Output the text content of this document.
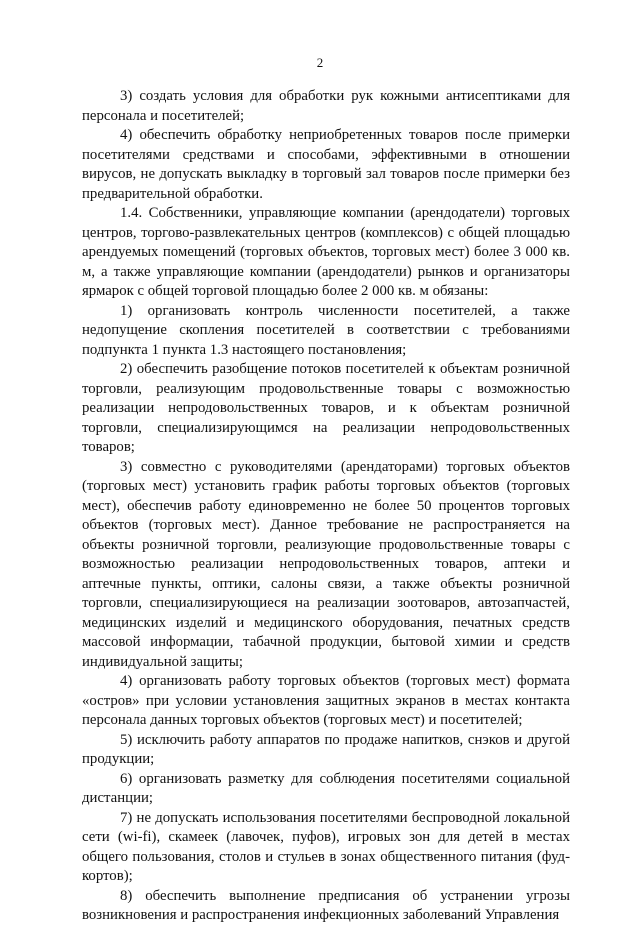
2

3) создать условия для обработки рук кожными антисептиками для персонала и посетителей;

4) обеспечить обработку неприобретенных товаров после примерки посетителями средствами и способами, эффективными в отношении вирусов, не допускать выкладку в торговый зал товаров после примерки без предварительной обработки.

1.4. Собственники, управляющие компании (арендодатели) торговых центров, торгово-развлекательных центров (комплексов) с общей площадью арендуемых помещений (торговых объектов, торговых мест) более 3 000 кв. м, а также управляющие компании (арендодатели) рынков и организаторы ярмарок с общей торговой площадью более 2 000 кв. м обязаны:

1) организовать контроль численности посетителей, а также недопущение скопления посетителей в соответствии с требованиями подпункта 1 пункта 1.3 настоящего постановления;

2) обеспечить разобщение потоков посетителей к объектам розничной торговли, реализующим продовольственные товары с возможностью реализации непродовольственных товаров, и к объектам розничной торговли, специализирующимся на реализации непродовольственных товаров;

3) совместно с руководителями (арендаторами) торговых объектов (торговых мест) установить график работы торговых объектов (торговых мест), обеспечив работу единовременно не более 50 процентов торговых объектов (торговых мест). Данное требование не распространяется на объекты розничной торговли, реализующие продовольственные товары с возможностью реализации непродовольственных товаров, аптеки и аптечные пункты, оптики, салоны связи, а также объекты розничной торговли, специализирующиеся на реализации зоотоваров, автозапчастей, медицинских изделий и медицинского оборудования, печатных средств массовой информации, табачной продукции, бытовой химии и средств индивидуальной защиты;

4) организовать работу торговых объектов (торговых мест) формата «остров» при условии установления защитных экранов в местах контакта персонала данных торговых объектов (торговых мест) и посетителей;

5) исключить работу аппаратов по продаже напитков, снэков и другой продукции;

6) организовать разметку для соблюдения посетителями социальной дистанции;

7) не допускать использования посетителями беспроводной локальной сети (wi-fi), скамеек (лавочек, пуфов), игровых зон для детей в местах общего пользования, столов и стульев в зонах общественного питания (фуд-кортов);

8) обеспечить выполнение предписания об устранении угрозы возникновения и распространения инфекционных заболеваний Управления
